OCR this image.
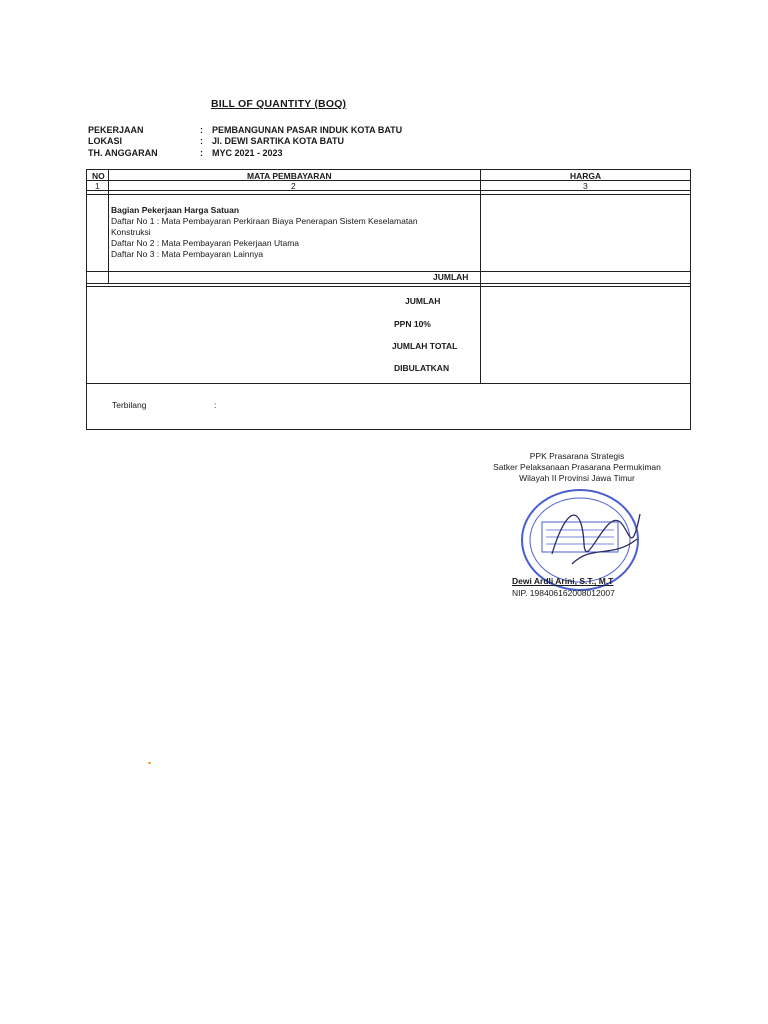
BILL OF QUANTITY (BOQ)
PEKERJAAN	:	PEMBANGUNAN PASAR INDUK KOTA BATU
LOKASI	:	Jl. DEWI SARTIKA KOTA BATU
TH. ANGGARAN	:	MYC 2021 - 2023
NO	MATA PEMBAYARAN	HARGA
1	2	3
Bagian Pekerjaan Harga Satuan
Daftar No 1 : Mata Pembayaran Perkiraan Biaya Penerapan Sistem Keselamatan
Konstruksi
Daftar No 2 : Mata Pembayaran Pekerjaan Utama
Daftar No 3 : Mata Pembayaran Lainnya
JUMLAH
JUMLAH
PPN 10%
JUMLAH TOTAL
DIBULATKAN
Terbilang	:
PPK Prasarana Strategis
Satker Pelaksanaan Prasarana Permukiman
Wilayah II Provinsi Jawa Timur
Dewi Ardli Arini, S.T., M.T
NIP. 198406162008012007
